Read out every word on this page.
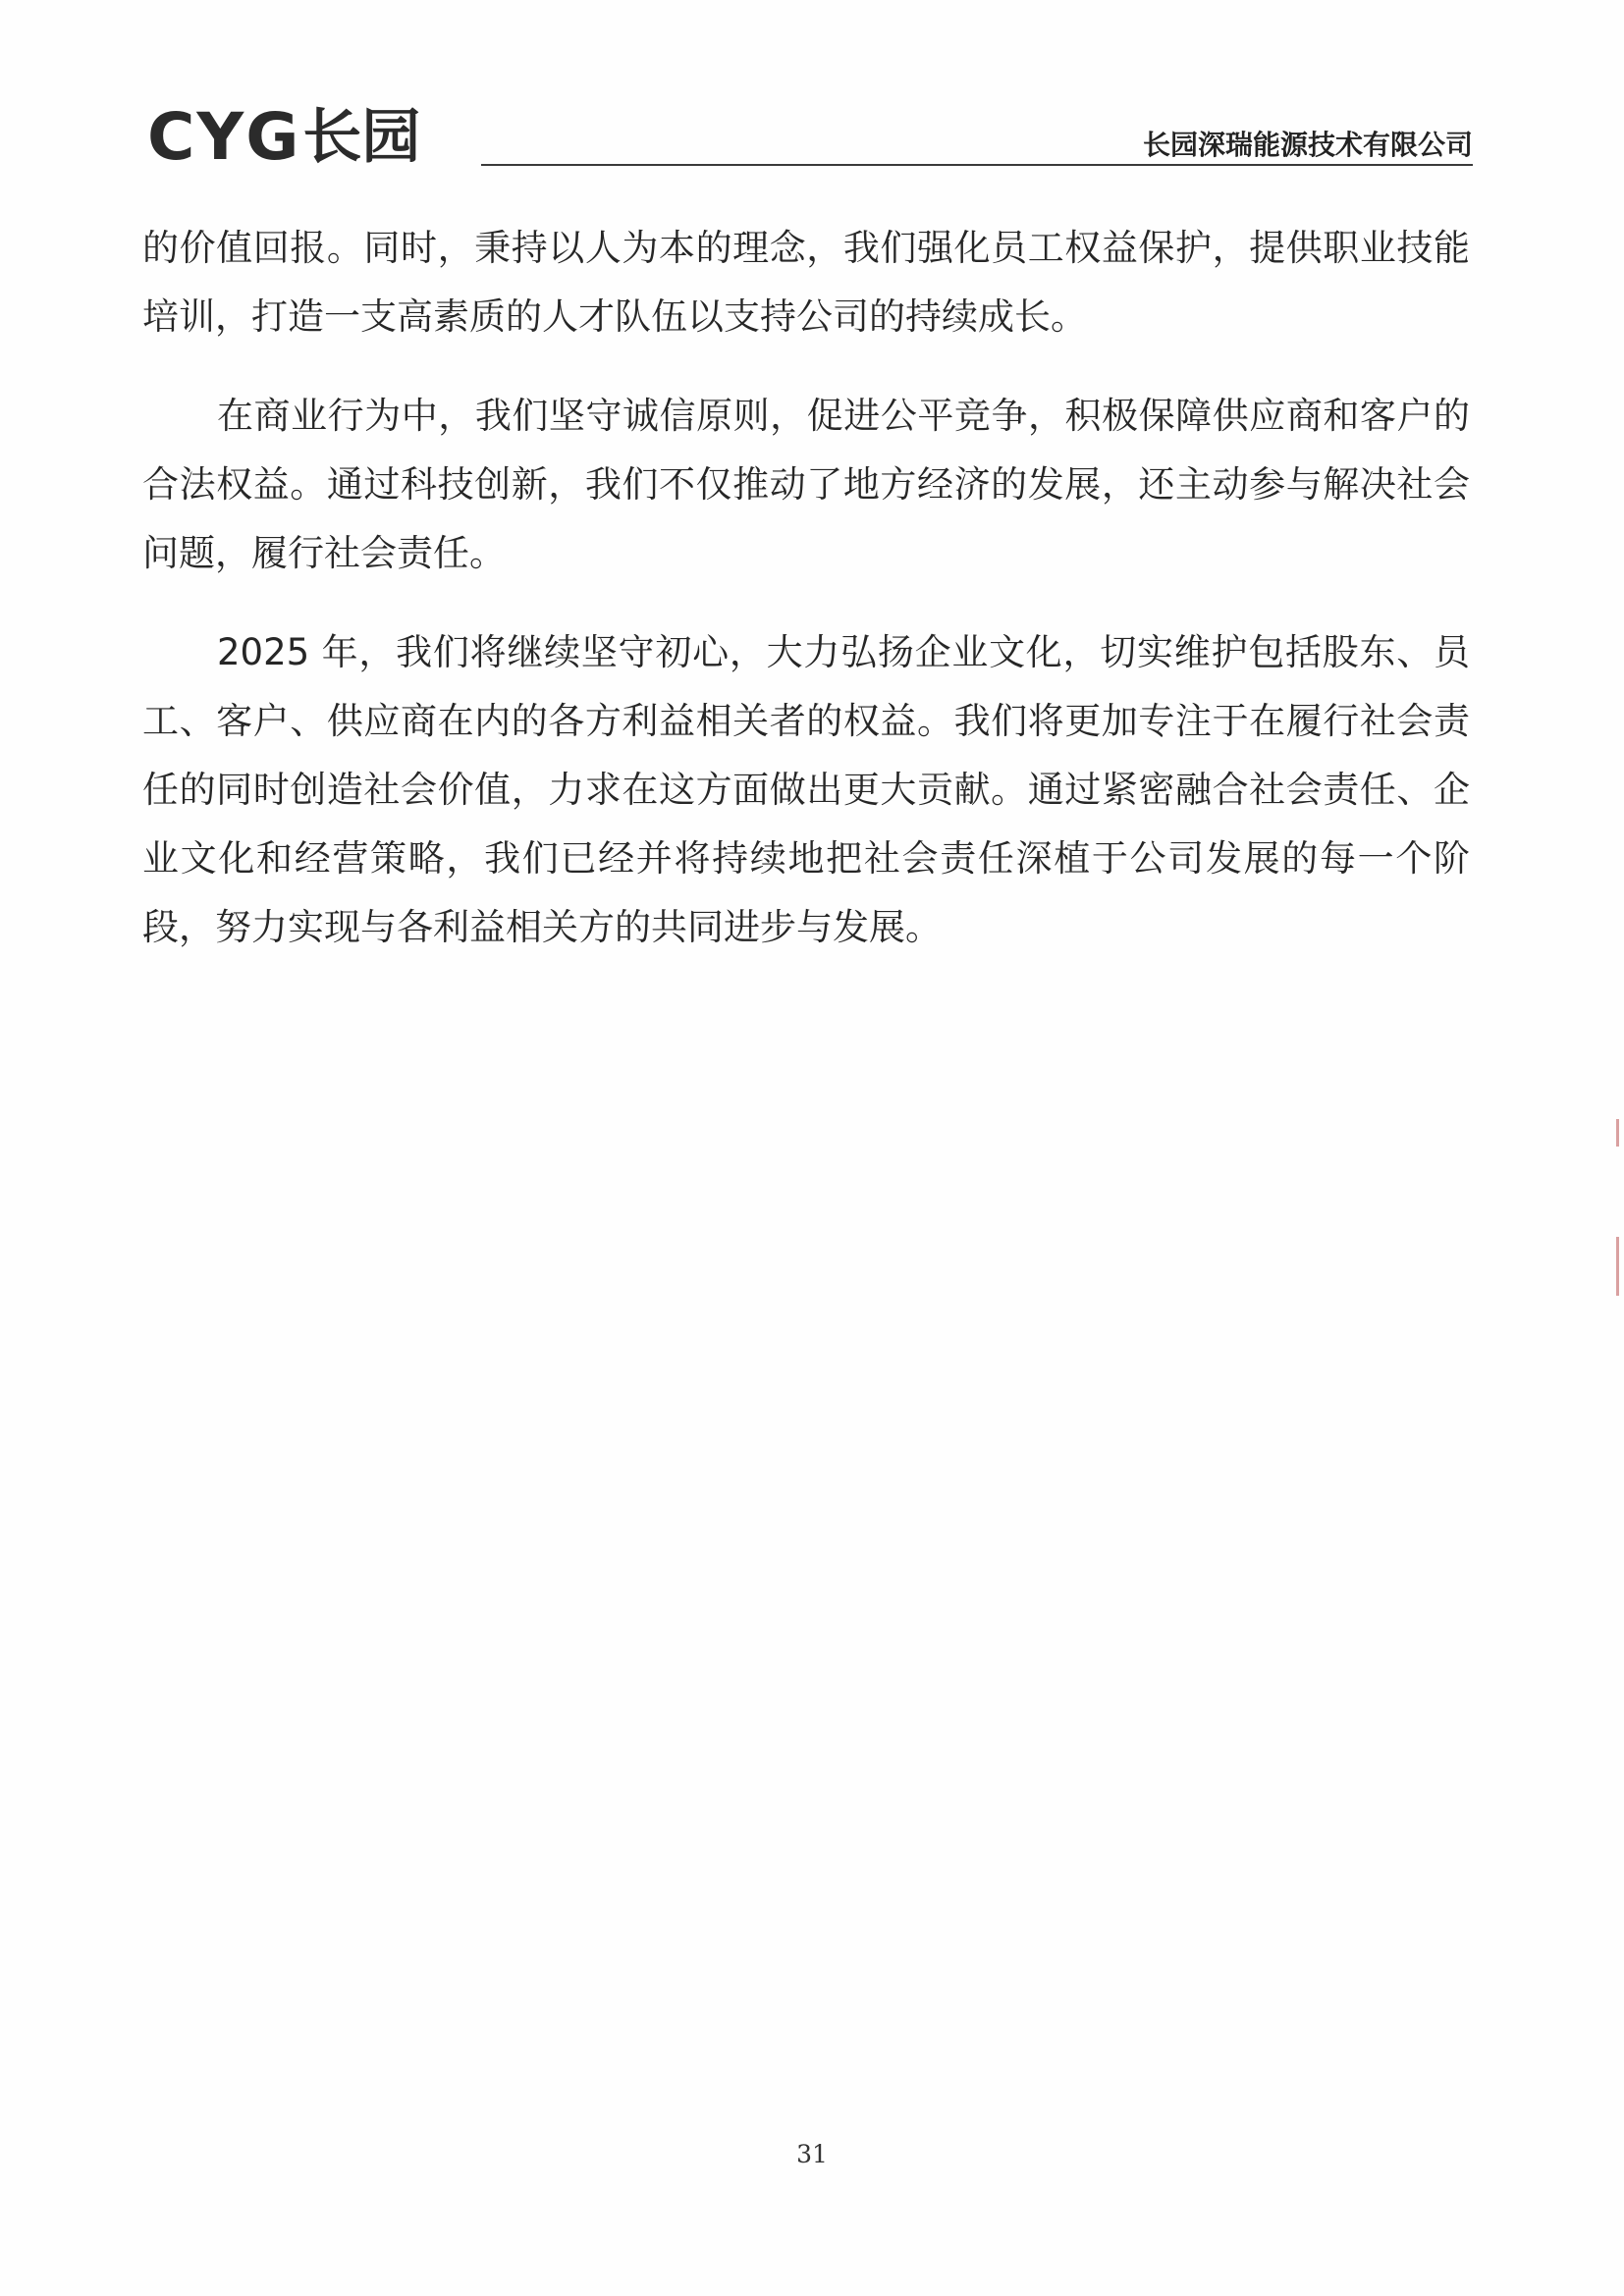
CYG 长园	长园深瑞能源技术有限公司

的价值回报。同时，秉持以人为本的理念，我们强化员工权益保护，提供职业技能培训，打造一支高素质的人才队伍以支持公司的持续成长。

在商业行为中，我们坚守诚信原则，促进公平竞争，积极保障供应商和客户的合法权益。通过科技创新，我们不仅推动了地方经济的发展，还主动参与解决社会问题，履行社会责任。

2025 年，我们将继续坚守初心，大力弘扬企业文化，切实维护包括股东、员工、客户、供应商在内的各方利益相关者的权益。我们将更加专注于在履行社会责任的同时创造社会价值，力求在这方面做出更大贡献。通过紧密融合社会责任、企业文化和经营策略，我们已经并将持续地把社会责任深植于公司发展的每一个阶段，努力实现与各利益相关方的共同进步与发展。

31
